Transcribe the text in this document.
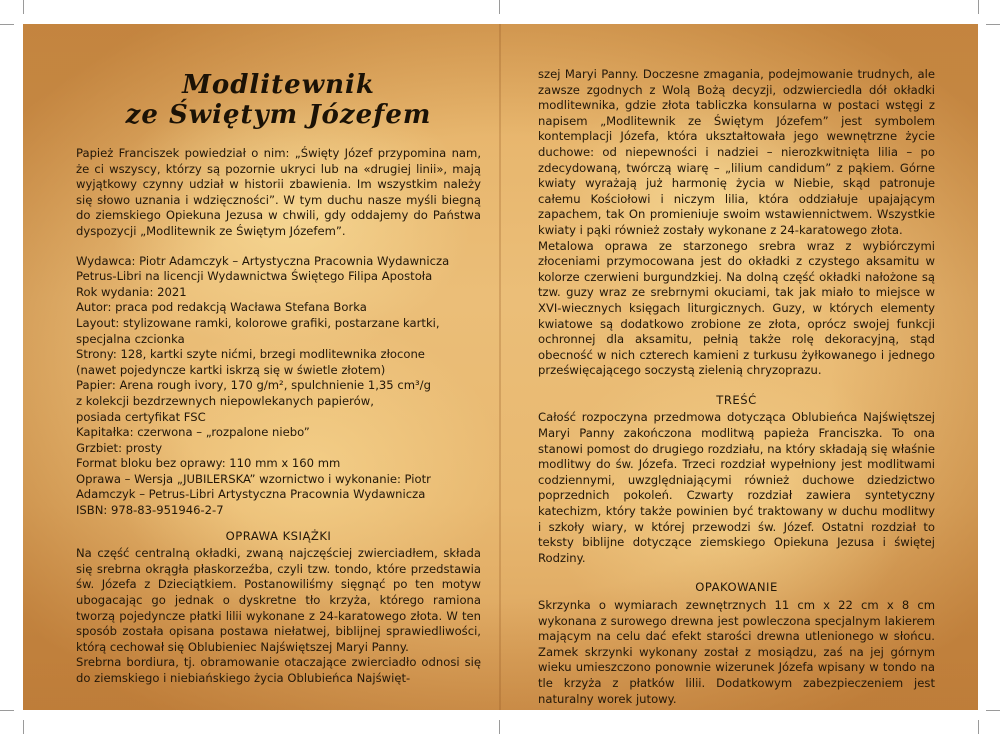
Modlitewnik
ze Świętym Józefem

Papież Franciszek powiedział o nim: „Święty Józef przypomina nam, że ci wszyscy, którzy są pozornie ukryci lub na «drugiej linii», mają wyjątkowy czynny udział w historii zbawienia. Im wszystkim należy się słowo uznania i wdzięczności”. W tym duchu nasze myśli biegną do ziemskiego Opiekuna Jezusa w chwili, gdy oddajemy do Państwa dyspozycji „Modlitewnik ze Świętym Józefem”.

Wydawca: Piotr Adamczyk – Artystyczna Pracownia Wydawnicza
Petrus-Libri na licencji Wydawnictwa Świętego Filipa Apostoła
Rok wydania: 2021
Autor: praca pod redakcją Wacława Stefana Borka
Layout: stylizowane ramki, kolorowe grafiki, postarzane kartki,
specjalna czcionka
Strony: 128, kartki szyte nićmi, brzegi modlitewnika złocone
(nawet pojedyncze kartki iskrzą się w świetle złotem)
Papier: Arena rough ivory, 170 g/m², spulchnienie 1,35 cm³/g
z kolekcji bezdrzewnych niepowlekanych papierów,
posiada certyfikat FSC
Kapitałka: czerwona – „rozpalone niebo”
Grzbiet: prosty
Format bloku bez oprawy: 110 mm x 160 mm
Oprawa – Wersja „JUBILERSKA” wzornictwo i wykonanie: Piotr
Adamczyk – Petrus-Libri Artystyczna Pracownia Wydawnicza
ISBN: 978-83-951946-2-7
OPRAWA KSIĄŻKI

Na część centralną okładki, zwaną najczęściej zwierciadłem, składa się srebrna okrągła płaskorzeźba, czyli tzw. tondo, które przedstawia św. Józefa z Dzieciątkiem. Postanowiliśmy sięgnąć po ten motyw ubogacając go jednak o dyskretne tło krzyża, którego ramiona tworzą pojedyncze płatki lilii wykonane z 24-karatowego złota. W ten sposób została opisana postawa niełatwej, biblijnej sprawiedliwości, którą cechował się Oblubieniec Najświętszej Maryi Panny.

Srebrna bordiura, tj. obramowanie otaczające zwierciadło odnosi się do ziemskiego i niebiańskiego życia Oblubieńca Najświęt-

szej Maryi Panny. Doczesne zmagania, podejmowanie trudnych, ale zawsze zgodnych z Wolą Bożą decyzji, odzwierciedla dół okładki modlitewnika, gdzie złota tabliczka konsularna w postaci wstęgi z napisem „Modlitewnik ze Świętym Józefem” jest symbolem kontemplacji Józefa, która ukształtowała jego wewnętrzne życie duchowe: od niepewności i nadziei – nierozkwitnięta lilia – po zdecydowaną, twórczą wiarę – „lilium candidum” z pąkiem. Górne kwiaty wyrażają już harmonię życia w Niebie, skąd patronuje całemu Kościołowi i niczym lilia, która oddziałuje upajającym zapachem, tak On promieniuje swoim wstawiennictwem. Wszystkie kwiaty i pąki również zostały wykonane z 24-karatowego złota.

Metalowa oprawa ze starzonego srebra wraz z wybiórczymi złoceniami przymocowana jest do okładki z czystego aksamitu w kolorze czerwieni burgundzkiej. Na dolną część okładki nałożone są tzw. guzy wraz ze srebrnymi okuciami, tak jak miało to miejsce w XVI-wiecznych księgach liturgicznych. Guzy, w których elementy kwiatowe są dodatkowo zrobione ze złota, oprócz swojej funkcji ochronnej dla aksamitu, pełnią także rolę dekoracyjną, stąd obecność w nich czterech kamieni z turkusu żyłkowanego i jednego prześwięcającego soczystą zielenią chryzoprazu.

TREŚĆ

Całość rozpoczyna przedmowa dotycząca Oblubieńca Najświętszej Maryi Panny zakończona modlitwą papieża Franciszka. To ona stanowi pomost do drugiego rozdziału, na który składają się właśnie modlitwy do św. Józefa. Trzeci rozdział wypełniony jest modlitwami codziennymi, uwzględniającymi również duchowe dziedzictwo poprzednich pokoleń. Czwarty rozdział zawiera syntetyczny katechizm, który także powinien być traktowany w duchu modlitwy i szkoły wiary, w której przewodzi św. Józef. Ostatni rozdział to teksty biblijne dotyczące ziemskiego Opiekuna Jezusa i świętej Rodziny.

OPAKOWANIE

Skrzynka o wymiarach zewnętrznych 11 cm x 22 cm x 8 cm wykonana z surowego drewna jest powleczona specjalnym lakierem mającym na celu dać efekt starości drewna utlenionego w słońcu. Zamek skrzynki wykonany został z mosiądzu, zaś na jej górnym wieku umieszczono ponownie wizerunek Józefa wpisany w tondo na tle krzyża z płatków lilii. Dodatkowym zabezpieczeniem jest naturalny worek jutowy.
